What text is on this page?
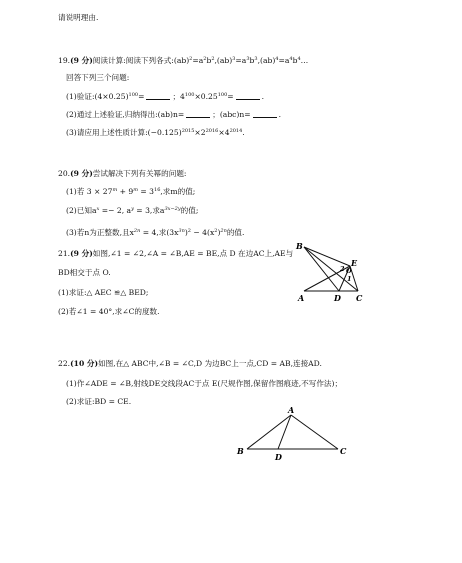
请说明理由.
19.(9 分)阅读计算:阅读下列各式$:(ab)^2=a^2b^2,(ab)^3=a^3b^3,(ab)^4=a^4b^4\dots$
回答下列三个问题:
(1)验证$:(4\times 0.25)^{100}=$	；$4^{100}\times 0.25^{100}=$	.
(2)通过上述验证,归纳得出:(ab)n=	；(abc)n=	.
(3)请应用上述性质计算$:(-0.125)^{2015}\times 2^{2016}\times 4^{2014}$.
20.(9 分)尝试解决下列有关幂的问题:
(1)若 $3 \times 27^m + 9^m = 3^{16}$,求m的值;
(2)已知$a^x =- 2$, $a^y = 3$,求$a^{3x-2y}$的值;
(3)若n为正整数,且$x^{2n} = 4$,求$(3x^{3n})^2 - 4(x^2)^{2n}$的值.
21.(9 分)如图,∠1 = ∠2,∠A = ∠B,AE = BE,点 D 在边AC上,AE与
BD相交于点 O.
(1)求证:△ AEC ≌△ BED;
(2)若∠1 = 40°,求∠C的度数.
B
E
2 O
1
A	D C
22.(10 分)如图,在△ ABC中,∠B = ∠C,D 为边BC上一点,CD = AB,连接AD.
(1)作∠ADE = ∠B,射线DE交线段AC于点 E(尺规作图,保留作图痕迹,不写作法)；
(2)求证:BD = CE.
A
B
D
C
